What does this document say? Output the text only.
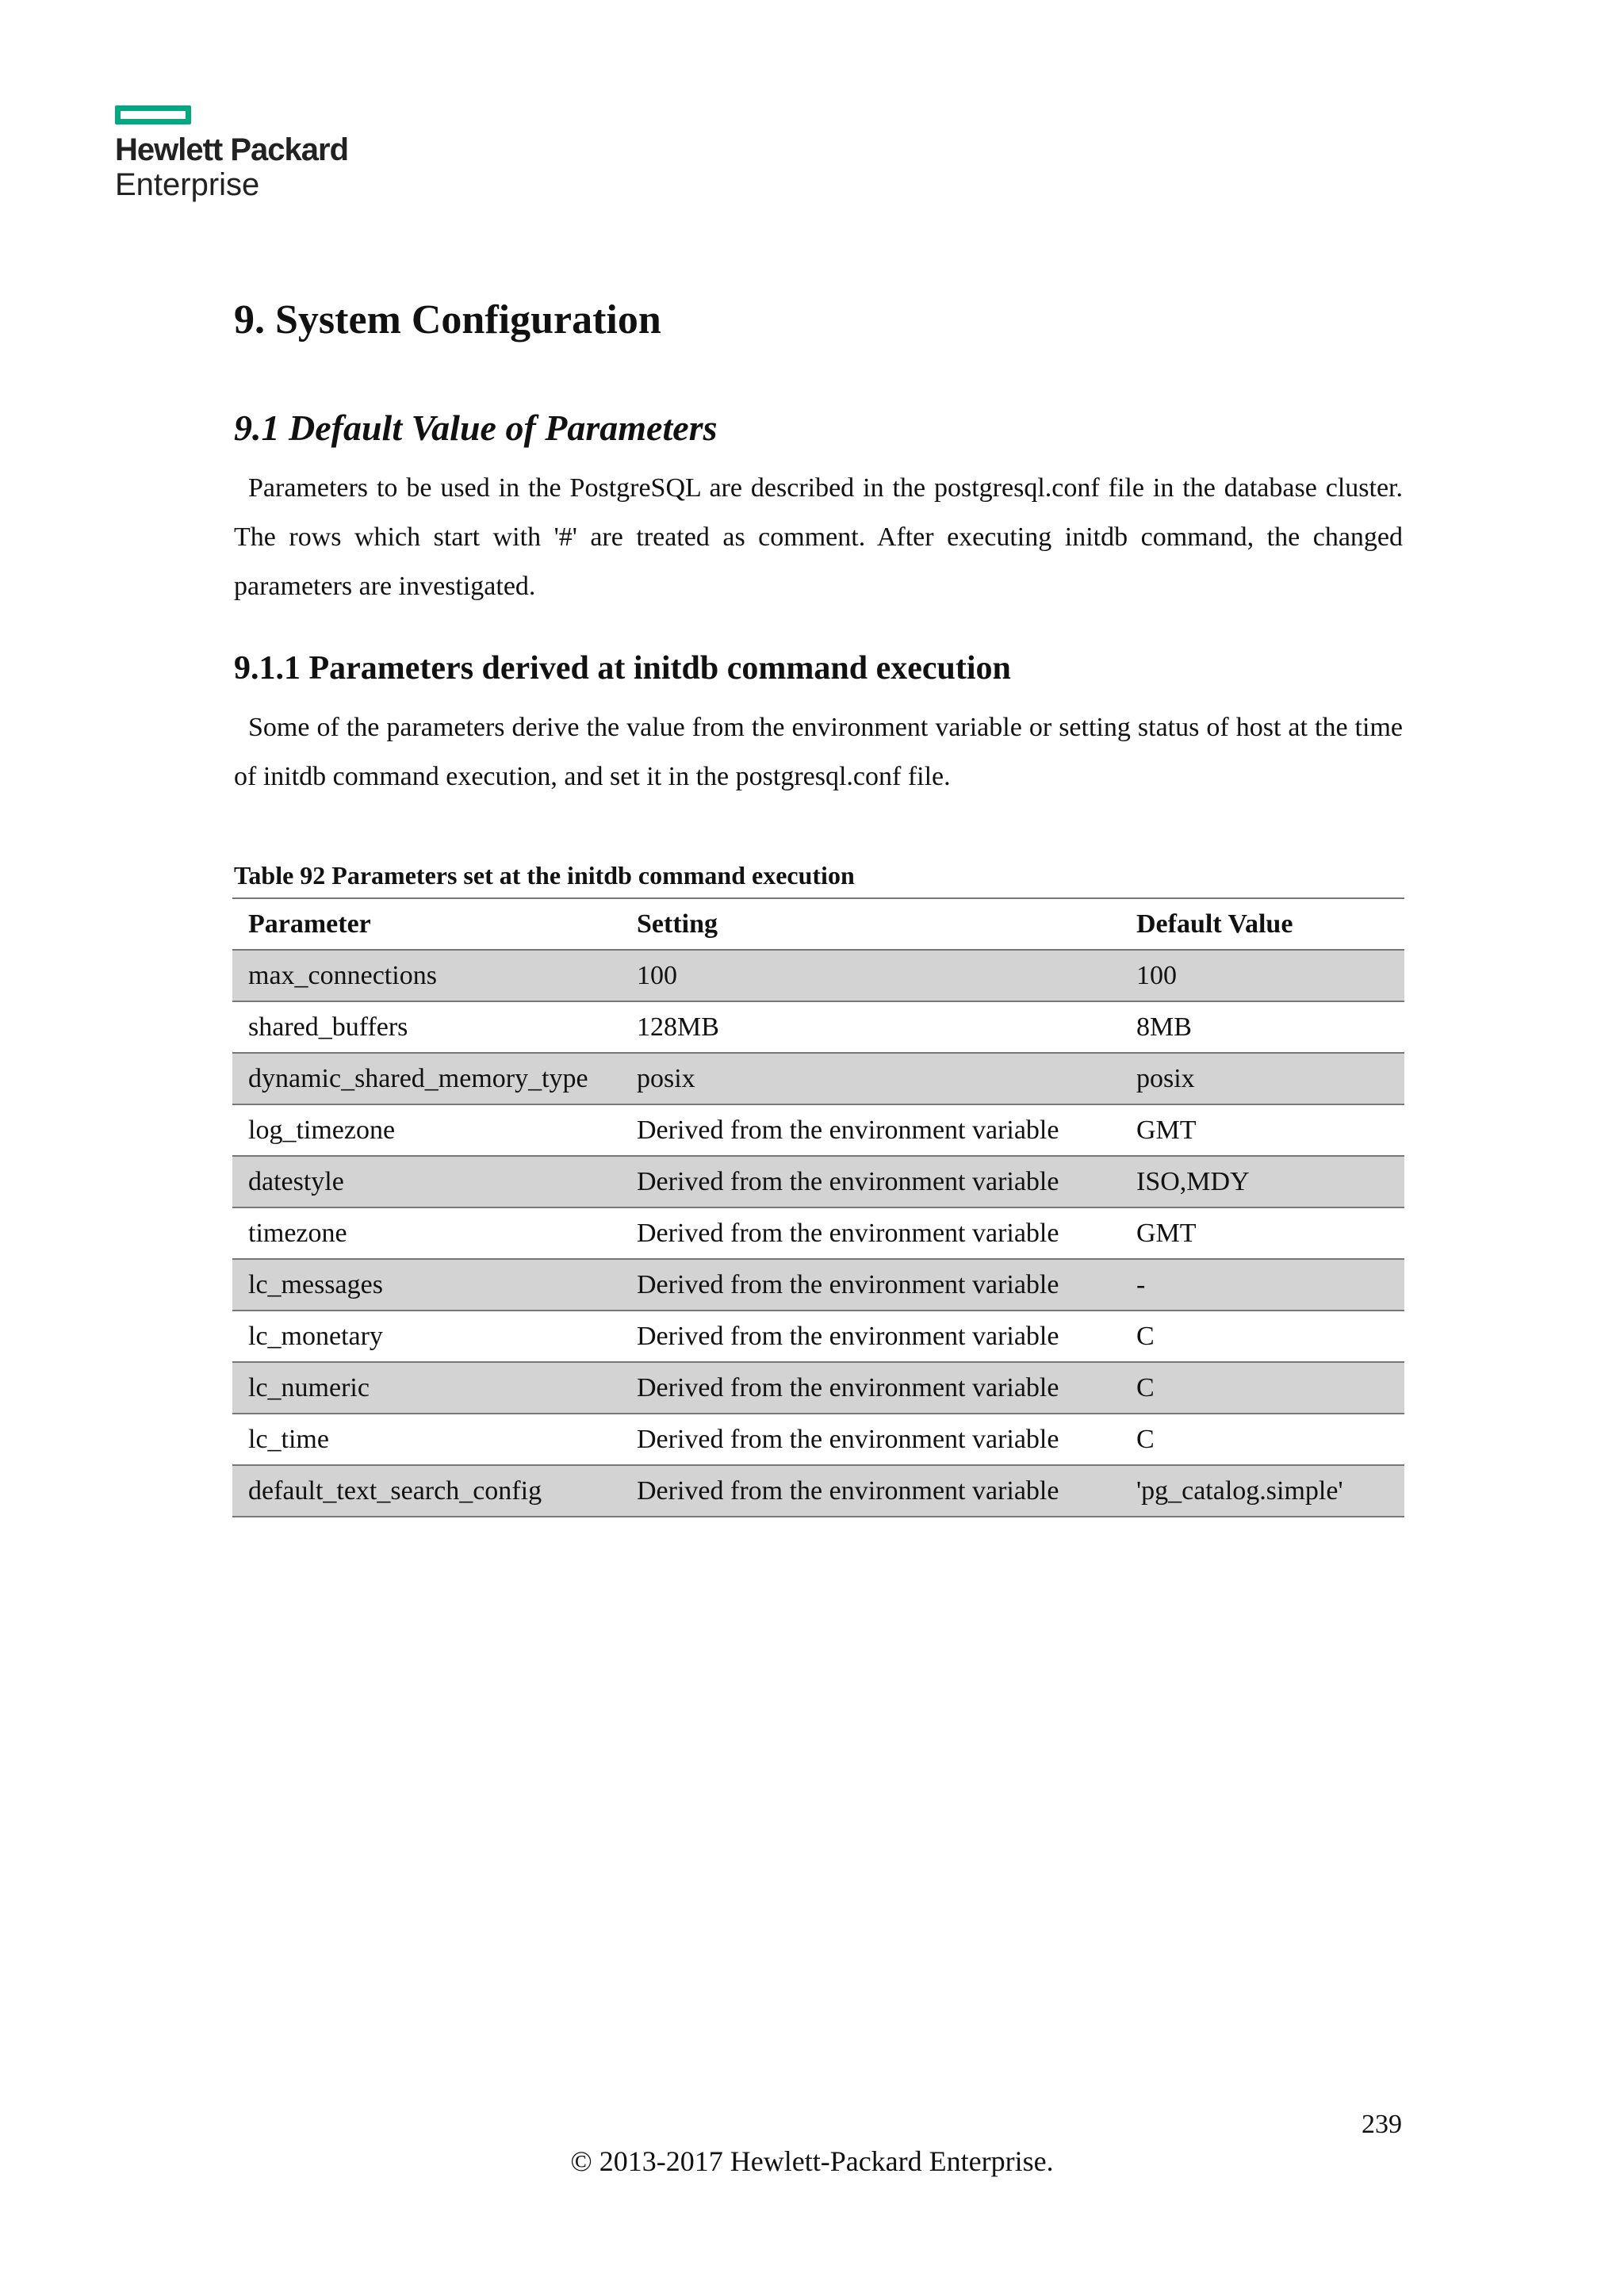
Hewlett Packard
Enterprise
9. System Configuration
9.1 Default Value of Parameters

Parameters to be used in the PostgreSQL are described in the postgresql.conf file in the database cluster. The rows which start with '#' are treated as comment. After executing initdb command, the changed parameters are investigated.

9.1.1 Parameters derived at initdb command execution

Some of the parameters derive the value from the environment variable or setting status of host at the time of initdb command execution, and set it in the postgresql.conf file.

Table 92 Parameters set at the initdb command execution

Parameter	Setting	Default Value
max_connections	100	100
shared_buffers	128MB	8MB
dynamic_shared_memory_type	posix	posix
log_timezone	Derived from the environment variable	GMT
datestyle	Derived from the environment variable	ISO,MDY
timezone	Derived from the environment variable	GMT
lc_messages	Derived from the environment variable	-
lc_monetary	Derived from the environment variable	C
lc_numeric	Derived from the environment variable	C
lc_time	Derived from the environment variable	C
default_text_search_config	Derived from the environment variable	'pg_catalog.simple'
239
© 2013-2017 Hewlett-Packard Enterprise.
